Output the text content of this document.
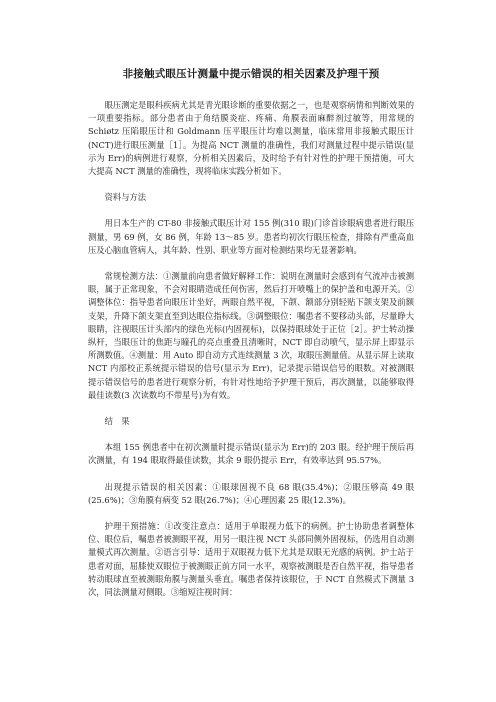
非接触式眼压计测量中提示错误的相关因素及护理干预

眼压测定是眼科疾病尤其是青光眼诊断的重要依据之一，也是观察病情和判断效果的一项重要指标。部分患者由于角结膜炎症、疼痛、角膜表面麻醉剂过敏等，用常规的 Schiøtz 压陷眼压计和 Goldmann 压平眼压计均难以测量，临床常用非接触式眼压计(NCT)进行眼压测量［1］。为提高 NCT 测量的准确性，我们对测量过程中提示错误(显示为 Err)的病例进行观察，分析相关因素后，及时给予有针对性的护理干预措施，可大大提高 NCT 测量的准确性，现将临床实践分析如下。

资料与方法

用日本生产的 CT-80 非接触式眼压计对 155 例(310 眼)门诊首诊眼病患者进行眼压测量，男 69 例，女 86 例，年龄 13～85 岁。患者均初次行眼压检查，排除有严重高血压及心脑血管病人，其年龄、性别、职业等方面对检测结果均无显著影响。

常规检测方法：①测量前向患者做好解释工作：说明在测量时会感到有气流冲击被测眼，属于正常现象，不会对眼睛造成任何伤害，然后打开喷嘴上的保护盖和电源开关。②调整体位：指导患者向眼压计坐好，两眼自然平视，下颌、额部分别轻贴下颌支架及前额支架，升降下颌支架直至到达眼位指标线。③调整眼位：嘱患者不要移动头部，尽量睁大眼睛，注视眼压计头部内的绿色光标(内固视标)，以保持眼球处于正位［2］。护士转动操纵杆，当眼压计的焦距与瞳孔的亮点重叠且清晰时，NCT 即自动喷气，显示屏上即显示所测数值。④测量：用 Auto 即自动方式连续测量 3 次，取眼压测量值。从显示屏上读取 NCT 内部校正系统提示错误的信号(显示为 Err)，记录提示错误信号的眼数。对被测眼提示错误信号的患者进行观察分析，有针对性地给予护理干预后，再次测量，以能够取得最佳读数(3 次读数均不带星号)为有效。

结　果

本组 155 例患者中在初次测量时提示错误(显示为 Err)的 203 眼。经护理干预后再次测量，有 194 眼取得最佳读数，其余 9 眼仍提示 Err，有效率达到 95.57%。

出现提示错误的相关因素：①眼球固视不良 68 眼(35.4%)；②眼压够高 49 眼(25.6%)；③角膜有病变 52 眼(26.7%)；④心理因素 25 眼(12.3%)。

护理干预措施：①改变注意点：适用于单眼视力低下的病例。护士协助患者调整体位、眼位后，嘱患者被测眼平视，用另一眼注视 NCT 头部同侧外固视标，仍选用自动测量模式再次测量。②语言引导：适用于双眼视力低下尤其是双眼无光感的病例。护士站于患者对面，屈膝使双眼位于被测眼正前方同一水平，观察被测眼是否自然平视，指导患者转动眼球直至被测眼角膜与测量头垂直。嘱患者保持该眼位，于 NCT 自然模式下测量 3 次，同法测量对侧眼。③缩短注视时间：
